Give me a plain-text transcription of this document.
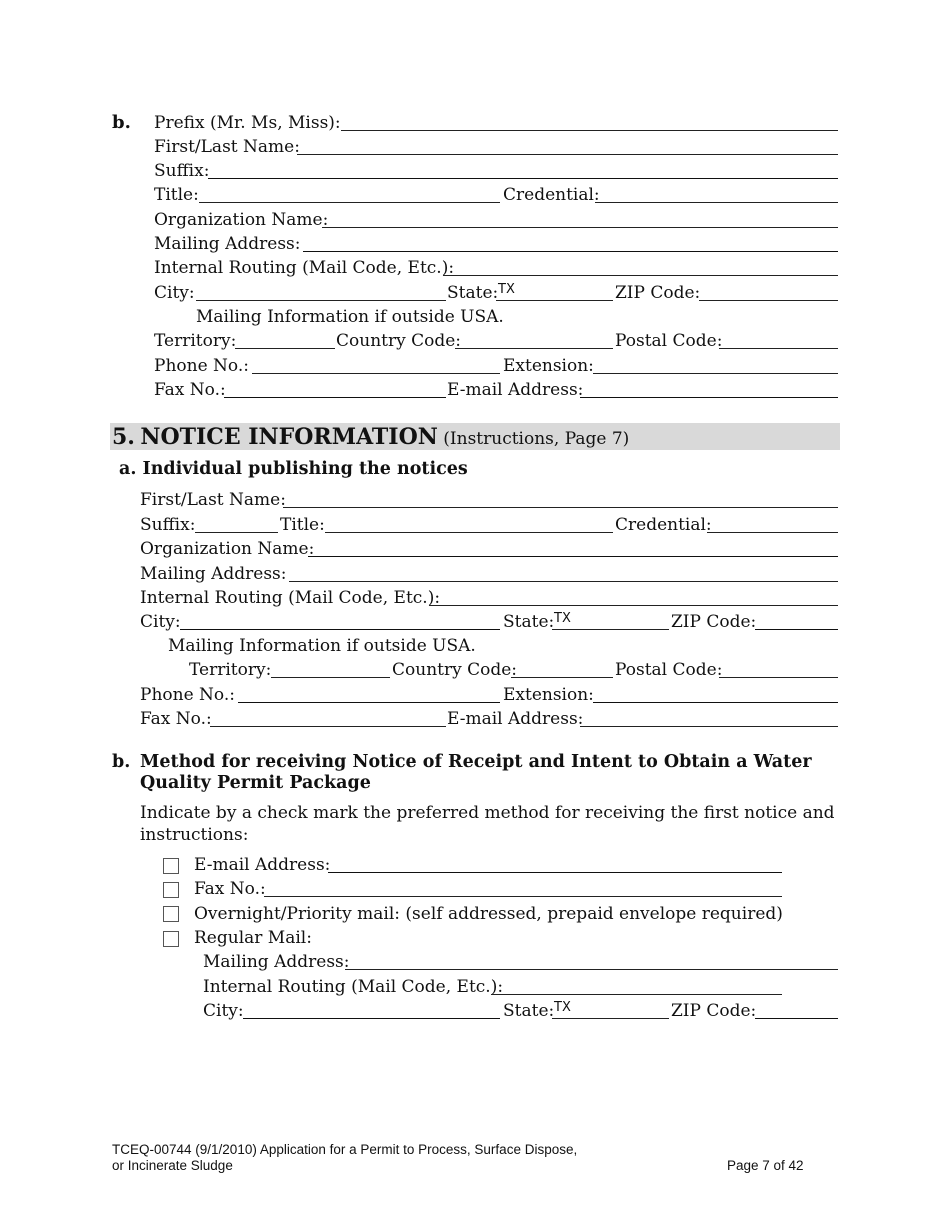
b. Prefix (Mr. Ms, Miss):
First/Last Name:
Suffix:
Title:	Credential:
Organization Name:
Mailing Address:
Internal Routing (Mail Code, Etc.):
City:	State: TX	ZIP Code:
Mailing Information if outside USA.
Territory:	Country Code:	Postal Code:
Phone No.:	Extension:
Fax No.:	E-mail Address:
5. NOTICE INFORMATION (Instructions, Page 7)
a. Individual publishing the notices
First/Last Name:
Suffix:	Title:	Credential:
Organization Name:
Mailing Address:
Internal Routing (Mail Code, Etc.):
City:	State: TX	ZIP Code:
Mailing Information if outside USA.
Territory:	Country Code:	Postal Code:
Phone No.:	Extension:
Fax No.:	E-mail Address:
b. Method for receiving Notice of Receipt and Intent to Obtain a Water
Quality Permit Package
Indicate by a check mark the preferred method for receiving the first notice and
instructions:
E-mail Address:
Fax No.:
Overnight/Priority mail: (self addressed, prepaid envelope required)
Regular Mail:
Mailing Address:
Internal Routing (Mail Code, Etc.):
City:	State: TX	ZIP Code:
TCEQ-00744 (9/1/2010) Application for a Permit to Process, Surface Dispose,
or Incinerate Sludge	Page 7 of 42
